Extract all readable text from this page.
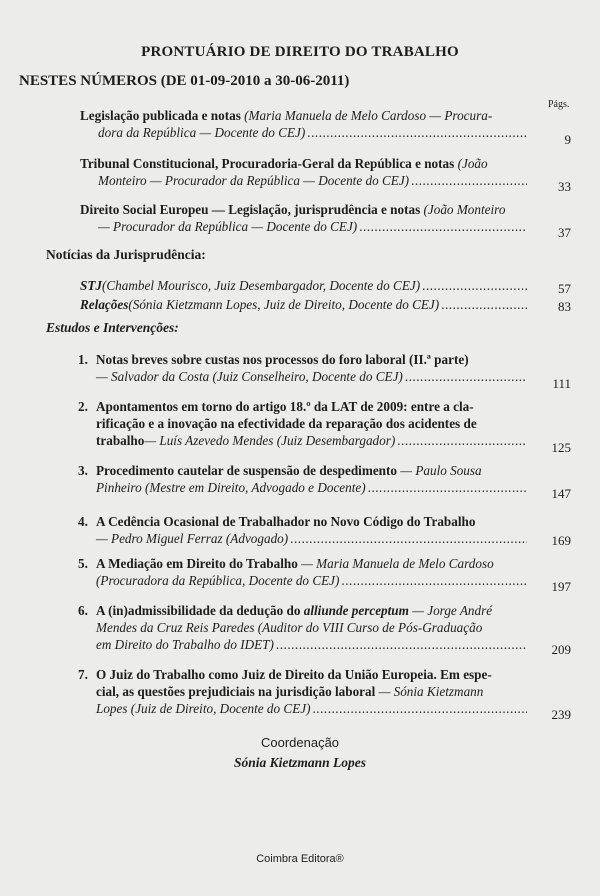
PRONTUÁRIO DE DIREITO DO TRABALHO
NESTES NÚMEROS (DE 01-09-2010 a 30-06-2011)
Págs.
Legislação publicada e notas (Maria Manuela de Melo Cardoso — Procura-
dora da República — Docente do CEJ) .....	9
Tribunal Constitucional, Procuradoria-Geral da República e notas (João
Monteiro — Procurador da República — Docente do CEJ) .....	33
Direito Social Europeu — Legislação, jurisprudência e notas (João Monteiro
— Procurador da República — Docente do CEJ) .....	37
Notícias da Jurisprudência:
STJ (Chambel Mourisco, Juiz Desembargador, Docente do CEJ) .....	57
Relações (Sónia Kietzmann Lopes, Juiz de Direito, Docente do CEJ) .....	83
Estudos e Intervenções:
1. Notas breves sobre custas nos processos do foro laboral (II.ª parte)
— Salvador da Costa (Juiz Conselheiro, Docente do CEJ) .....	111
2. Apontamentos em torno do artigo 18.º da LAT de 2009: entre a cla-
rificação e a inovação na efectividade da reparação dos acidentes de
trabalho — Luís Azevedo Mendes (Juiz Desembargador) .....	125
3. Procedimento cautelar de suspensão de despedimento — Paulo Sousa
Pinheiro (Mestre em Direito, Advogado e Docente) .....	147
4. A Cedência Ocasional de Trabalhador no Novo Código do Trabalho
— Pedro Miguel Ferraz (Advogado) .....	169
5. A Mediação em Direito do Trabalho — Maria Manuela de Melo Cardoso
(Procuradora da República, Docente do CEJ) .....	197
6. A (in)admissibilidade da dedução do alliunde perceptum — Jorge André
Mendes da Cruz Reis Paredes (Auditor do VIII Curso de Pós-Graduação
em Direito do Trabalho do IDET) .....	209
7. O Juiz do Trabalho como Juiz de Direito da União Europeia. Em espe-
cial, as questões prejudiciais na jurisdição laboral — Sónia Kietzmann
Lopes (Juiz de Direito, Docente do CEJ) .....	239
Coordenação
Sónia Kietzmann Lopes
Coimbra Editora®
